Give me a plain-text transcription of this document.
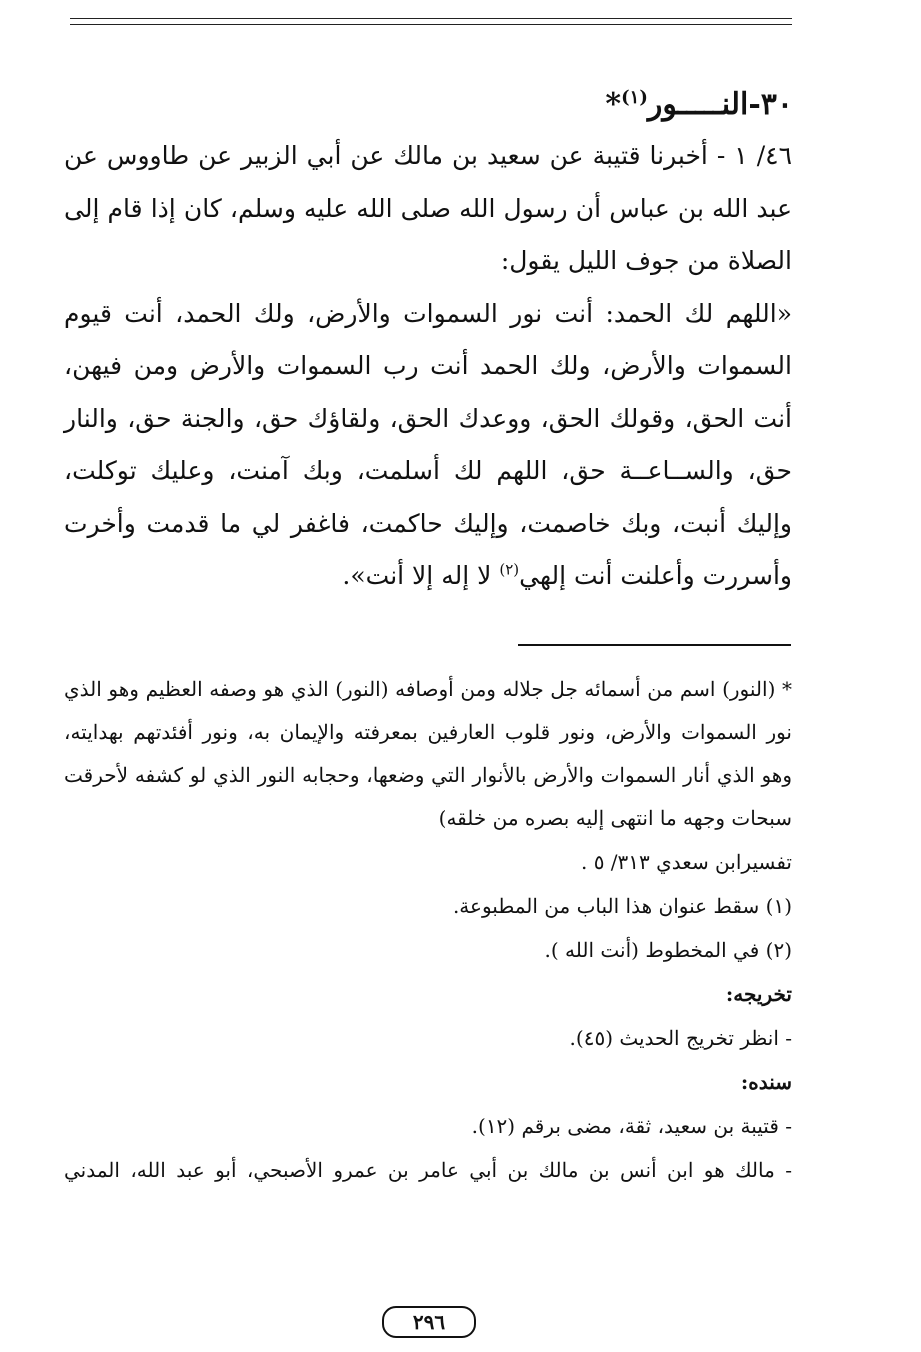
٣٠-النـــــور$^{(١)}$*

٤٦/ ١ - أخبرنا قتيبة عن سعيد بن مالك عن أبي الزبير عن طاووس عن عبد الله بن عباس أن رسول الله صلى الله عليه وسلم، كان إذا قام إلى الصلاة من جوف الليل يقول:

«اللهم لك الحمد: أنت نور السموات والأرض، ولك الحمد، أنت قيوم السموات والأرض، ولك الحمد أنت رب السموات والأرض ومن فيهن، أنت الحق، وقولك الحق، ووعدك الحق، ولقاؤك حق، والجنة حق، والنار حق، والســاعــة حق، اللهم لك أسلمت، وبك آمنت، وعليك توكلت، وإليك أنبت، وبك خاصمت، وإليك حاكمت، فاغفر لي ما قدمت وأخرت وأسررت وأعلنت أنت إلهي$^{(٢)}$ لا إله إلا أنت».

* (النور) اسم من أسمائه جل جلاله ومن أوصافه (النور) الذي هو وصفه العظيم وهو الذي نور السموات والأرض، ونور قلوب العارفين بمعرفته والإيمان به، ونور أفئدتهم بهدايته، وهو الذي أنار السموات والأرض بالأنوار التي وضعها، وحجابه النور الذي لو كشفه لأحرقت سبحات وجهه ما انتهى إليه بصره من خلقه)

تفسيرابن سعدي ٣١٣/ ٥ .

(١) سقط عنوان هذا الباب من المطبوعة.

(٢) في المخطوط (أنت الله ).

تخريجه:

- انظر تخريج الحديث (٤٥).

سنده:

- قتيبة بن سعيد، ثقة، مضى برقم (١٢).

- مالك هو ابن أنس بن مالك بن أبي عامر بن عمرو الأصبحي، أبو عبد الله، المدني

٢٩٦
